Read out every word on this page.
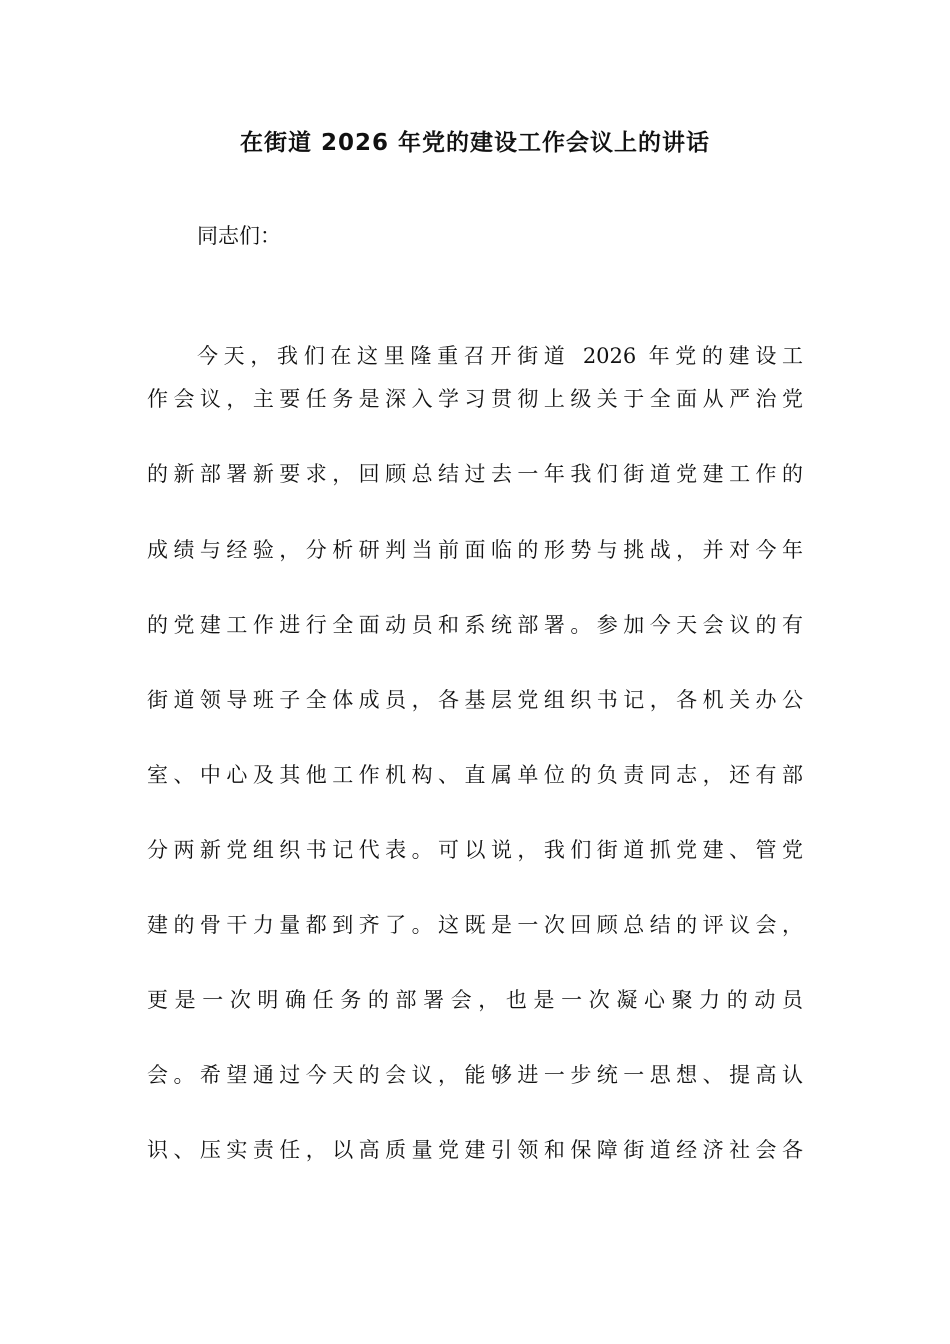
在街道 2026 年党的建设工作会议上的讲话
同志们：
今天，我们在这里隆重召开街道 2026 年党的建设工
作会议，主要任务是深入学习贯彻上级关于全面从严治党
的新部署新要求，回顾总结过去一年我们街道党建工作的
成绩与经验，分析研判当前面临的形势与挑战，并对今年
的党建工作进行全面动员和系统部署。参加今天会议的有
街道领导班子全体成员，各基层党组织书记，各机关办公
室、中心及其他工作机构、直属单位的负责同志，还有部
分两新党组织书记代表。可以说，我们街道抓党建、管党
建的骨干力量都到齐了。这既是一次回顾总结的评议会，
更是一次明确任务的部署会，也是一次凝心聚力的动员
会。希望通过今天的会议，能够进一步统一思想、提高认
识、压实责任，以高质量党建引领和保障街道经济社会各
